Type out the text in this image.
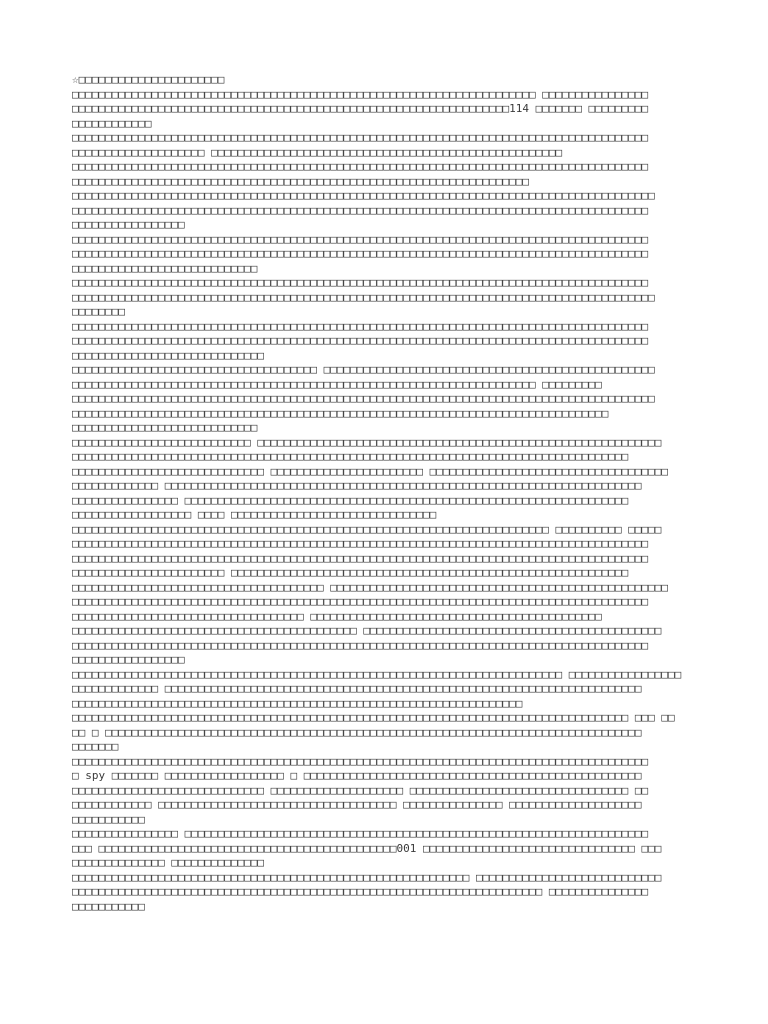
☆□□□□□□□□□□□□□□□□□□□□□□
□□□□□□□□□□□□□□□□□□□□□□□□□□□□□□□□□□□□□□□□□□□□□□□□□□□□□□□□□□□□□□□□□□□□□□ □□□□□□□□□□□□□□□□
□□□□□□□□□□□□□□□□□□□□□□□□□□□□□□□□□□□□□□□□□□□□□□□□□□□□□□□□□□□□□□□□□□114 □□□□□□□ □□□□□□□□□
□□□□□□□□□□□□
□□□□□□□□□□□□□□□□□□□□□□□□□□□□□□□□□□□□□□□□□□□□□□□□□□□□□□□□□□□□□□□□□□□□□□□□□□□□□□□□□□□□□□□
□□□□□□□□□□□□□□□□□□□□ □□□□□□□□□□□□□□□□□□□□□□□□□□□□□□□□□□□□□□□□□□□□□□□□□□□□□
□□□□□□□□□□□□□□□□□□□□□□□□□□□□□□□□□□□□□□□□□□□□□□□□□□□□□□□□□□□□□□□□□□□□□□□□□□□□□□□□□□□□□□□
□□□□□□□□□□□□□□□□□□□□□□□□□□□□□□□□□□□□□□□□□□□□□□□□□□□□□□□□□□□□□□□□□□□□□
□□□□□□□□□□□□□□□□□□□□□□□□□□□□□□□□□□□□□□□□□□□□□□□□□□□□□□□□□□□□□□□□□□□□□□□□□□□□□□□□□□□□□□□□
□□□□□□□□□□□□□□□□□□□□□□□□□□□□□□□□□□□□□□□□□□□□□□□□□□□□□□□□□□□□□□□□□□□□□□□□□□□□□□□□□□□□□□□
□□□□□□□□□□□□□□□□□
□□□□□□□□□□□□□□□□□□□□□□□□□□□□□□□□□□□□□□□□□□□□□□□□□□□□□□□□□□□□□□□□□□□□□□□□□□□□□□□□□□□□□□□
□□□□□□□□□□□□□□□□□□□□□□□□□□□□□□□□□□□□□□□□□□□□□□□□□□□□□□□□□□□□□□□□□□□□□□□□□□□□□□□□□□□□□□□
□□□□□□□□□□□□□□□□□□□□□□□□□□□□
□□□□□□□□□□□□□□□□□□□□□□□□□□□□□□□□□□□□□□□□□□□□□□□□□□□□□□□□□□□□□□□□□□□□□□□□□□□□□□□□□□□□□□□
□□□□□□□□□□□□□□□□□□□□□□□□□□□□□□□□□□□□□□□□□□□□□□□□□□□□□□□□□□□□□□□□□□□□□□□□□□□□□□□□□□□□□□□□
□□□□□□□□
□□□□□□□□□□□□□□□□□□□□□□□□□□□□□□□□□□□□□□□□□□□□□□□□□□□□□□□□□□□□□□□□□□□□□□□□□□□□□□□□□□□□□□□
□□□□□□□□□□□□□□□□□□□□□□□□□□□□□□□□□□□□□□□□□□□□□□□□□□□□□□□□□□□□□□□□□□□□□□□□□□□□□□□□□□□□□□□
□□□□□□□□□□□□□□□□□□□□□□□□□□□□□
□□□□□□□□□□□□□□□□□□□□□□□□□□□□□□□□□□□□□ □□□□□□□□□□□□□□□□□□□□□□□□□□□□□□□□□□□□□□□□□□□□□□□□□□
□□□□□□□□□□□□□□□□□□□□□□□□□□□□□□□□□□□□□□□□□□□□□□□□□□□□□□□□□□□□□□□□□□□□□□ □□□□□□□□□
□□□□□□□□□□□□□□□□□□□□□□□□□□□□□□□□□□□□□□□□□□□□□□□□□□□□□□□□□□□□□□□□□□□□□□□□□□□□□□□□□□□□□□□□
□□□□□□□□□□□□□□□□□□□□□□□□□□□□□□□□□□□□□□□□□□□□□□□□□□□□□□□□□□□□□□□□□□□□□□□□□□□□□□□□□
□□□□□□□□□□□□□□□□□□□□□□□□□□□□
□□□□□□□□□□□□□□□□□□□□□□□□□□□ □□□□□□□□□□□□□□□□□□□□□□□□□□□□□□□□□□□□□□□□□□□□□□□□□□□□□□□□□□□□□
□□□□□□□□□□□□□□□□□□□□□□□□□□□□□□□□□□□□□□□□□□□□□□□□□□□□□□□□□□□□□□□□□□□□□□□□□□□□□□□□□□□□
□□□□□□□□□□□□□□□□□□□□□□□□□□□□□ □□□□□□□□□□□□□□□□□□□□□□□ □□□□□□□□□□□□□□□□□□□□□□□□□□□□□□□□□□□□
□□□□□□□□□□□□□ □□□□□□□□□□□□□□□□□□□□□□□□□□□□□□□□□□□□□□□□□□□□□□□□□□□□□□□□□□□□□□□□□□□□□□□□
□□□□□□□□□□□□□□□□ □□□□□□□□□□□□□□□□□□□□□□□□□□□□□□□□□□□□□□□□□□□□□□□□□□□□□□□□□□□□□□□□□□□
□□□□□□□□□□□□□□□□□□ □□□□ □□□□□□□□□□□□□□□□□□□□□□□□□□□□□□□
□□□□□□□□□□□□□□□□□□□□□□□□□□□□□□□□□□□□□□□□□□□□□□□□□□□□□□□□□□□□□□□□□□□□□□□□ □□□□□□□□□□ □□□□□
□□□□□□□□□□□□□□□□□□□□□□□□□□□□□□□□□□□□□□□□□□□□□□□□□□□□□□□□□□□□□□□□□□□□□□□□□□□□□□□□□□□□□□□
□□□□□□□□□□□□□□□□□□□□□□□□□□□□□□□□□□□□□□□□□□□□□□□□□□□□□□□□□□□□□□□□□□□□□□□□□□□□□□□□□□□□□□□
□□□□□□□□□□□□□□□□□□□□□□□ □□□□□□□□□□□□□□□□□□□□□□□□□□□□□□□□□□□□□□□□□□□□□□□□□□□□□□□□□□□□
□□□□□□□□□□□□□□□□□□□□□□□□□□□□□□□□□□□□□□ □□□□□□□□□□□□□□□□□□□□□□□□□□□□□□□□□□□□□□□□□□□□□□□□□□□
□□□□□□□□□□□□□□□□□□□□□□□□□□□□□□□□□□□□□□□□□□□□□□□□□□□□□□□□□□□□□□□□□□□□□□□□□□□□□□□□□□□□□□□
□□□□□□□□□□□□□□□□□□□□□□□□□□□□□□□□□□□ □□□□□□□□□□□□□□□□□□□□□□□□□□□□□□□□□□□□□□□□□□□□
□□□□□□□□□□□□□□□□□□□□□□□□□□□□□□□□□□□□□□□□□□□ □□□□□□□□□□□□□□□□□□□□□□□□□□□□□□□□□□□□□□□□□□□□□
□□□□□□□□□□□□□□□□□□□□□□□□□□□□□□□□□□□□□□□□□□□□□□□□□□□□□□□□□□□□□□□□□□□□□□□□□□□□□□□□□□□□□□□
□□□□□□□□□□□□□□□□□
□□□□□□□□□□□□□□□□□□□□□□□□□□□□□□□□□□□□□□□□□□□□□□□□□□□□□□□□□□□□□□□□□□□□□□□□□□ □□□□□□□□□□□□□□□□□
□□□□□□□□□□□□□ □□□□□□□□□□□□□□□□□□□□□□□□□□□□□□□□□□□□□□□□□□□□□□□□□□□□□□□□□□□□□□□□□□□□□□□□
□□□□□□□□□□□□□□□□□□□□□□□□□□□□□□□□□□□□□□□□□□□□□□□□□□□□□□□□□□□□□□□□□□□□
□□□□□□□□□□□□□□□□□□□□□□□□□□□□□□□□□□□□□□□□□□□□□□□□□□□□□□□□□□□□□□□□□□□□□□□□□□□□□□□□□□□□ □□□ □□
□□ □ □□□□□□□□□□□□□□□□□□□□□□□□□□□□□□□□□□□□□□□□□□□□□□□□□□□□□□□□□□□□□□□□□□□□□□□□□□□□□□□□□
□□□□□□□
□□□□□□□□□□□□□□□□□□□□□□□□□□□□□□□□□□□□□□□□□□□□□□□□□□□□□□□□□□□□□□□□□□□□□□□□□□□□□□□□□□□□□□□
□ spy □□□□□□□ □□□□□□□□□□□□□□□□□□ □ □□□□□□□□□□□□□□□□□□□□□□□□□□□□□□□□□□□□□□□□□□□□□□□□□□□
□□□□□□□□□□□□□□□□□□□□□□□□□□□□□ □□□□□□□□□□□□□□□□□□□□ □□□□□□□□□□□□□□□□□□□□□□□□□□□□□□□□□ □□
□□□□□□□□□□□□ □□□□□□□□□□□□□□□□□□□□□□□□□□□□□□□□□□□□ □□□□□□□□□□□□□□□ □□□□□□□□□□□□□□□□□□□□
□□□□□□□□□□□
□□□□□□□□□□□□□□□□ □□□□□□□□□□□□□□□□□□□□□□□□□□□□□□□□□□□□□□□□□□□□□□□□□□□□□□□□□□□□□□□□□□□□□□
□□□ □□□□□□□□□□□□□□□□□□□□□□□□□□□□□□□□□□□□□□□□□□□□□001 □□□□□□□□□□□□□□□□□□□□□□□□□□□□□□□□ □□□
□□□□□□□□□□□□□□ □□□□□□□□□□□□□□
□□□□□□□□□□□□□□□□□□□□□□□□□□□□□□□□□□□□□□□□□□□□□□□□□□□□□□□□□□□□ □□□□□□□□□□□□□□□□□□□□□□□□□□□□
□□□□□□□□□□□□□□□□□□□□□□□□□□□□□□□□□□□□□□□□□□□□□□□□□□□□□□□□□□□□□□□□□□□□□□□ □□□□□□□□□□□□□□□
□□□□□□□□□□□
